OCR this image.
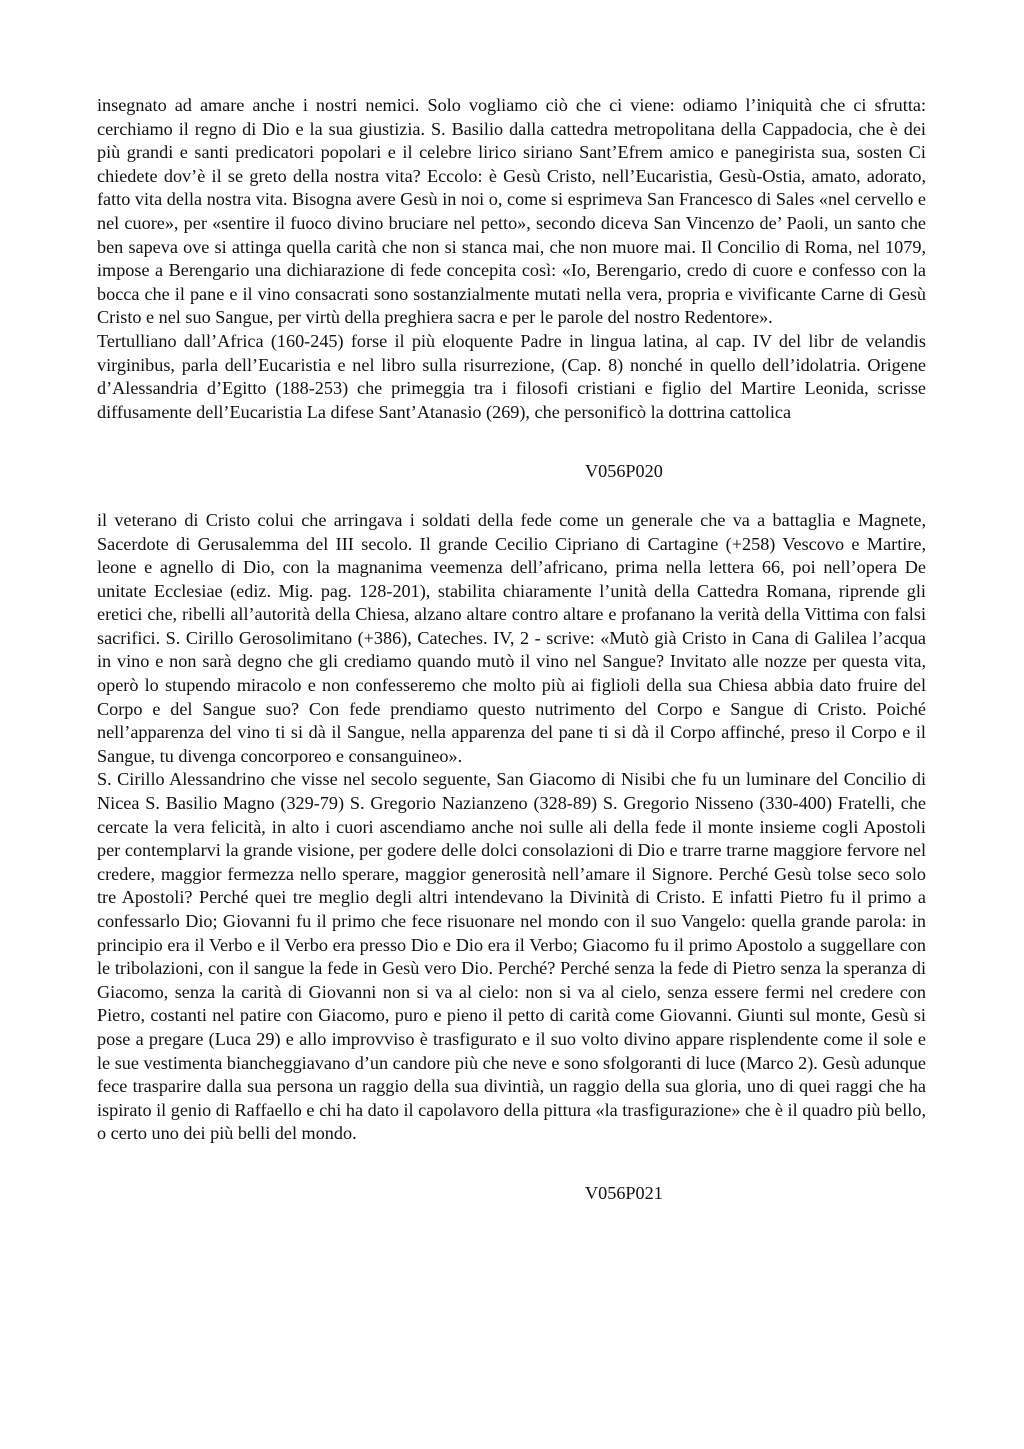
insegnato ad amare anche i nostri nemici. Solo vogliamo ciò che ci viene: odiamo l’iniquità che ci sfrutta: cerchiamo il regno di Dio e la sua giustizia. S. Basilio dalla cattedra metropolitana della Cappadocia, che è dei più grandi e santi predicatori popolari e il celebre lirico siriano Sant’Efrem amico e panegirista sua, sosten Ci chiedete dov’è il se greto della nostra vita? Eccolo: è Gesù Cristo, nell’Eucaristia, Gesù-Ostia, amato, adorato, fatto vita della nostra vita. Bisogna avere Gesù in noi o, come si esprimeva San Francesco di Sales «nel cervello e nel cuore», per «sentire il fuoco divino bruciare nel petto», secondo diceva San Vincenzo de’ Paoli, un santo che ben sapeva ove si attinga quella carità che non si stanca mai, che non muore mai. Il Concilio di Roma, nel 1079, impose a Berengario una dichiarazione di fede concepita così: «Io, Berengario, credo di cuore e confesso con la bocca che il pane e il vino consacrati sono sostanzialmente mutati nella vera, propria e vivificante Carne di Gesù Cristo e nel suo Sangue, per virtù della preghiera sacra e per le parole del nostro Redentore».

Tertulliano dall’Africa (160-245) forse il più eloquente Padre in lingua latina, al cap. IV del libr de velandis virginibus, parla dell’Eucaristia e nel libro sulla risurrezione, (Cap. 8) nonché in quello dell’idolatria. Origene d’Alessandria d’Egitto (188-253) che primeggia tra i filosofi cristiani e figlio del Martire Leonida, scrisse diffusamente dell’Eucaristia La difese Sant’Atanasio (269), che personificò la dottrina cattolica

V056P020

il veterano di Cristo colui che arringava i soldati della fede come un generale che va a battaglia e Magnete, Sacerdote di Gerusalemma del III secolo. Il grande Cecilio Cipriano di Cartagine (+258) Vescovo e Martire, leone e agnello di Dio, con la magnanima veemenza dell’africano, prima nella lettera 66, poi nell’opera De unitate Ecclesiae (ediz. Mig. pag. 128-201), stabilita chiaramente l’unità della Cattedra Romana, riprende gli eretici che, ribelli all’autorità della Chiesa, alzano altare contro altare e profanano la verità della Vittima con falsi sacrifici. S. Cirillo Gerosolimitano (+386), Cateches. IV, 2 - scrive: «Mutò già Cristo in Cana di Galilea l’acqua in vino e non sarà degno che gli crediamo quando mutò il vino nel Sangue? Invitato alle nozze per questa vita, operò lo stupendo miracolo e non confesseremo che molto più ai figlioli della sua Chiesa abbia dato fruire del Corpo e del Sangue suo? Con fede prendiamo questo nutrimento del Corpo e Sangue di Cristo. Poiché nell’apparenza del vino ti si dà il Sangue, nella apparenza del pane ti si dà il Corpo affinché, preso il Corpo e il Sangue, tu divenga concorporeo e consanguineo».

S. Cirillo Alessandrino che visse nel secolo seguente, San Giacomo di Nisibi che fu un luminare del Concilio di Nicea S. Basilio Magno (329-79) S. Gregorio Nazianzeno (328-89) S. Gregorio Nisseno (330-400) Fratelli, che cercate la vera felicità, in alto i cuori ascendiamo anche noi sulle ali della fede il monte insieme cogli Apostoli per contemplarvi la grande visione, per godere delle dolci consolazioni di Dio e trarre trarne maggiore fervore nel credere, maggior fermezza nello sperare, maggior generosità nell’amare il Signore. Perché Gesù tolse seco solo tre Apostoli? Perché quei tre meglio degli altri intendevano la Divinità di Cristo. E infatti Pietro fu il primo a confessarlo Dio; Giovanni fu il primo che fece risuonare nel mondo con il suo Vangelo: quella grande parola: in principio era il Verbo e il Verbo era presso Dio e Dio era il Verbo; Giacomo fu il primo Apostolo a suggellare con le tribolazioni, con il sangue la fede in Gesù vero Dio. Perché? Perché senza la fede di Pietro senza la speranza di Giacomo, senza la carità di Giovanni non si va al cielo: non si va al cielo, senza essere fermi nel credere con Pietro, costanti nel patire con Giacomo, puro e pieno il petto di carità come Giovanni. Giunti sul monte, Gesù si pose a pregare (Luca 29) e allo improvviso è trasfigurato e il suo volto divino appare risplendente come il sole e le sue vestimenta biancheggiavano d’un candore più che neve e sono sfolgoranti di luce (Marco 2). Gesù adunque fece trasparire dalla sua persona un raggio della sua divintià, un raggio della sua gloria, uno di quei raggi che ha ispirato il genio di Raffaello e chi ha dato il capolavoro della pittura «la trasfigurazione» che è il quadro più bello, o certo uno dei più belli del mondo.

V056P021
